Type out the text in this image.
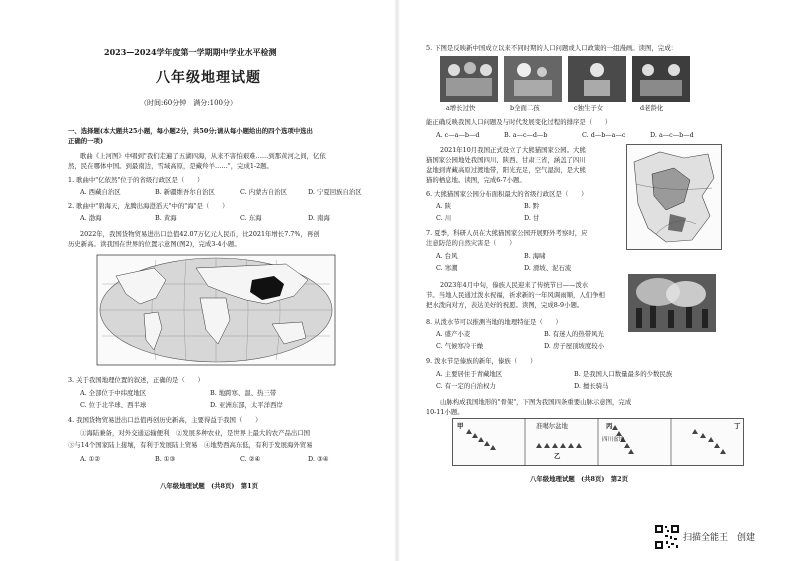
2023—2024学年度第一学期期中学业水平检测
八年级地理试题
（时间:60分钟　满分:100分）
一、选择题(本大题共25小题，每小题2分，共50分;请从每小题给出的四个选项中选出
正确的一项)
歌曲《上河图》中唱到"我们走遍了五湖四海，从来不害怕艰难……到那黄河之间，亿依
然，民在哪体中国。到最南边，雪域高原，是藏羚羊……"，完成1-2题。
1. 歌曲中"亿依然"位于的省级行政区是（　　）
A. 西藏自治区	B. 新疆维吾尔自治区	C. 内蒙古自治区	D. 宁夏回族自治区
2. 歌曲中"碧海天，龙腾出海澄滔天"中的"海"是（　　）
A. 渤海	B. 黄海	C. 东海	D. 南海
2022年，我国货物贸易进出口总值42.07万亿元人民币，比2021年增长7.7%，再创
历史新高。读我国在世界的位置示意图(图2)，完成3-4小题。
3. 关于我国地理位置的叙述，正确的是（　　）
A. 全部位于中纬度地区	B. 地跨寒、温、热三带
C. 位于北半球、西半球	D. 亚洲东部，太平洋西岸
4. 我国货物贸易进出口总值再创历史新高，主要得益于我国（　　）
①海陆兼备，对外交通运输便利　②发展多种农业，是世界上最大的农产品出口国
③与14个国家陆上接壤，有利于发展陆上贸易　④地势西高东低，有利于发展海外贸易
A. ①②	B. ①③	C. ②④	D. ③④
八年级地理试题　(共8页)　第1页
5. 下图是反映新中国成立以来不同时期的人口问题或人口政策的一组漫画。读图，完成：
a增长过快	b全面二孩	c独生子女	d老龄化
能正确反映我国人口问题及与时代发展变化过程的排序是（　　）
A. c—a—b—d	B. a—c—d—b	C. d—b—a—c	D. a—c—b—d
2021年10月我国正式设立了大熊猫国家公园。大熊
猫国家公园地处我国四川、陕西、甘肃三省，涵盖了四川
盆地到青藏高原过渡地带，阳光充足，空气湿润，是大熊
猫的栖息地。读图，完成6-7小题。
6. 大熊猫国家公园分布面积最大的省级行政区是（　　）
A. 陕	B. 黔
C. 川	D. 甘
7. 夏季，科研人员在大熊猫国家公园开展野外考察时，应
注意防范的自然灾害是（　　）
A. 台风	B. 海啸
C. 寒潮	D. 滑坡、泥石流
2023年4月中旬，傣族人民迎来了传统节日——泼水
节。当地人民通过泼水祝福，祈求新的一年风调雨顺，人们争相
把水泼向对方，表达美好的祝愿。读图，完成8-9小题。
8. 从泼水节可以推测当地的地理特征是（　　）
A. 盛产小麦	B. 有迷人的热带风光
C. 气候寒冷干燥	D. 房子屋顶坡度较小
9. 泼水节是傣族的新年，傣族（　　）
A. 主要居住于青藏地区	B. 是我国人口数量最多的少数民族
C. 有一定的自治权力	D. 擅长骑马
山脉构成我国地形的"骨架"，下图为我国四条重要山脉示意图，完成
10-11小题。
甲	准噶尔盆地
乙
四川盆地
丙	丁
八年级地理试题　(共8页)　第2页
扫描全能王　创建
